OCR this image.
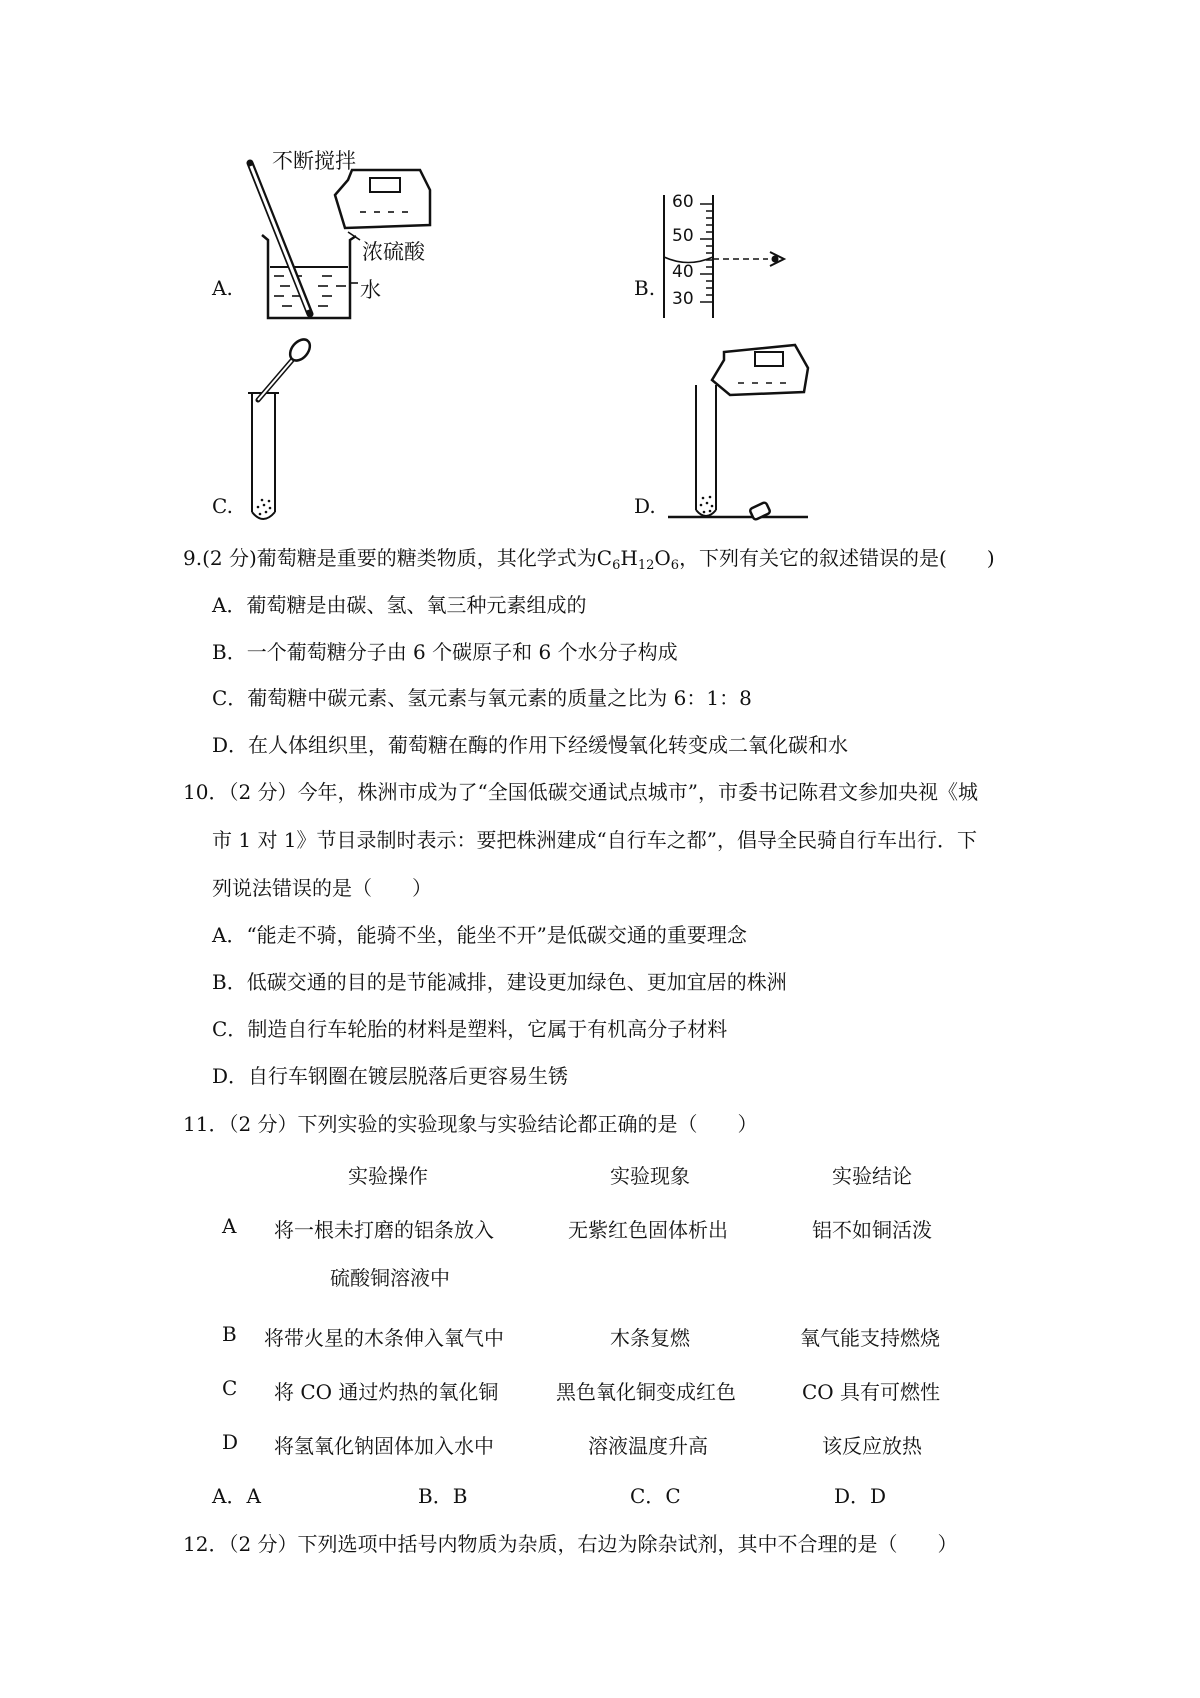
A.
不断搅拌
浓硫酸
水	B.
60
50
40
30
C.	D.
9.(2 分)葡萄糖是重要的糖类物质，其化学式为$C_6H_{12}O_6$，下列有关它的叙述错误的是(　　)
A．葡萄糖是由碳、氢、氧三种元素组成的
B．一个葡萄糖分子由 6 个碳原子和 6 个水分子构成
C．葡萄糖中碳元素、氢元素与氧元素的质量之比为 6：1：8
D．在人体组织里，葡萄糖在酶的作用下经缓慢氧化转变成二氧化碳和水
10．（2 分）今年，株洲市成为了“全国低碳交通试点城市”，市委书记陈君文参加央视《城
市 1 对 1》节目录制时表示：要把株洲建成“自行车之都”，倡导全民骑自行车出行．下
列说法错误的是（　　）
A．“能走不骑，能骑不坐，能坐不开”是低碳交通的重要理念
B．低碳交通的目的是节能减排，建设更加绿色、更加宜居的株洲
C．制造自行车轮胎的材料是塑料，它属于有机高分子材料
D．自行车钢圈在镀层脱落后更容易生锈
11．（2 分）下列实验的实验现象与实验结论都正确的是（　　）
实验操作	实验现象	实验结论
A 将一根未打磨的铝条放入
硫酸铜溶液中
无紫红色固体析出	铝不如铜活泼
B 将带火星的木条伸入氧气中	木条复燃	氧气能支持燃烧
C 将 CO 通过灼热的氧化铜	黑色氧化铜变成红色	CO 具有可燃性
D 将氢氧化钠固体加入水中	溶液温度升高	该反应放热
A．A	B．B	C．C	D．D
12．（2 分）下列选项中括号内物质为杂质，右边为除杂试剂，其中不合理的是（　　）
